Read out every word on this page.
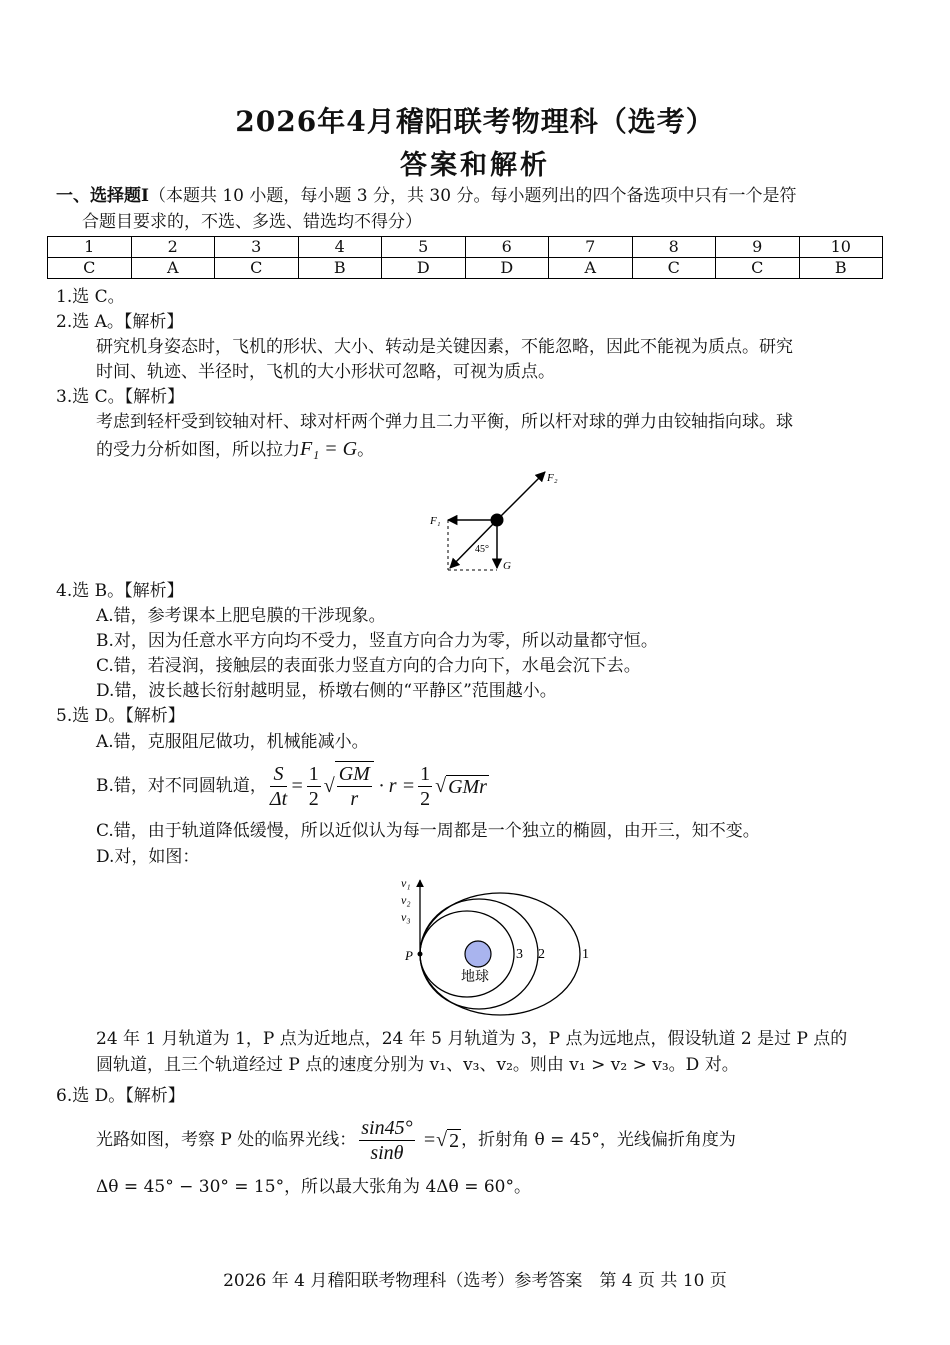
2026年4月稽阳联考物理科（选考）
答案和解析
一、选择题Ⅰ（本题共 10 小题，每小题 3 分，共 30 分。每小题列出的四个备选项中只有一个是符
合题目要求的，不选、多选、错选均不得分）
1	2	3	4	5	6	7	8	9	10
C	A	C	B	D	D	A	C	C	B
1.选 C。
2.选 A。【解析】
研究机身姿态时，飞机的形状、大小、转动是关键因素，不能忽略，因此不能视为质点。研究
时间、轨迹、半径时，飞机的大小形状可忽略，可视为质点。
3.选 C。【解析】
考虑到轻杆受到铰轴对杆、球对杆两个弹力且二力平衡，所以杆对球的弹力由铰轴指向球。球
的受力分析如图，所以拉力F₁ = G。
F₂
F₁
G
45°
4.选 B。【解析】
A.错，参考课本上肥皂膜的干涉现象。
B.对，因为任意水平方向均不受力，竖直方向合力为零，所以动量都守恒。
C.错，若浸润，接触层的表面张力竖直方向的合力向下，水黾会沉下去。
D.错，波长越长衍射越明显，桥墩右侧的“平静区”范围越小。
5.选 D。【解析】
A.错，克服阻尼做功，机械能减小。
B.错，对不同圆轨道， $\frac{S}{\Delta t} = \frac{1}{2}$ √ $\frac{GM}{r} \cdot r = \frac{1}{2}$ √ GMr
C.错，由于轨道降低缓慢，所以近似认为每一周都是一个独立的椭圆，由开三，知不变。
D.对，如图：
v₁
v₂
v₃
P
地球
3 2	1
24 年 1 月轨道为 1，P 点为近地点，24 年 5 月轨道为 3，P 点为远地点，假设轨道 2 是过 P 点的
圆轨道，且三个轨道经过 P 点的速度分别为 v₁、v₃、v₂。则由 v₁ > v₂ > v₃。D 对。
6.选 D。【解析】
光路如图，考察 P 处的临界光线： $\frac{\sin 45^\circ}{\sin\theta}$ = √ 2 ，折射角 θ = 45°，光线偏折角度为
Δθ = 45° − 30° = 15°，所以最大张角为 4Δθ = 60°。
2026 年 4 月稽阳联考物理科（选考）参考答案　第 4 页 共 10 页
